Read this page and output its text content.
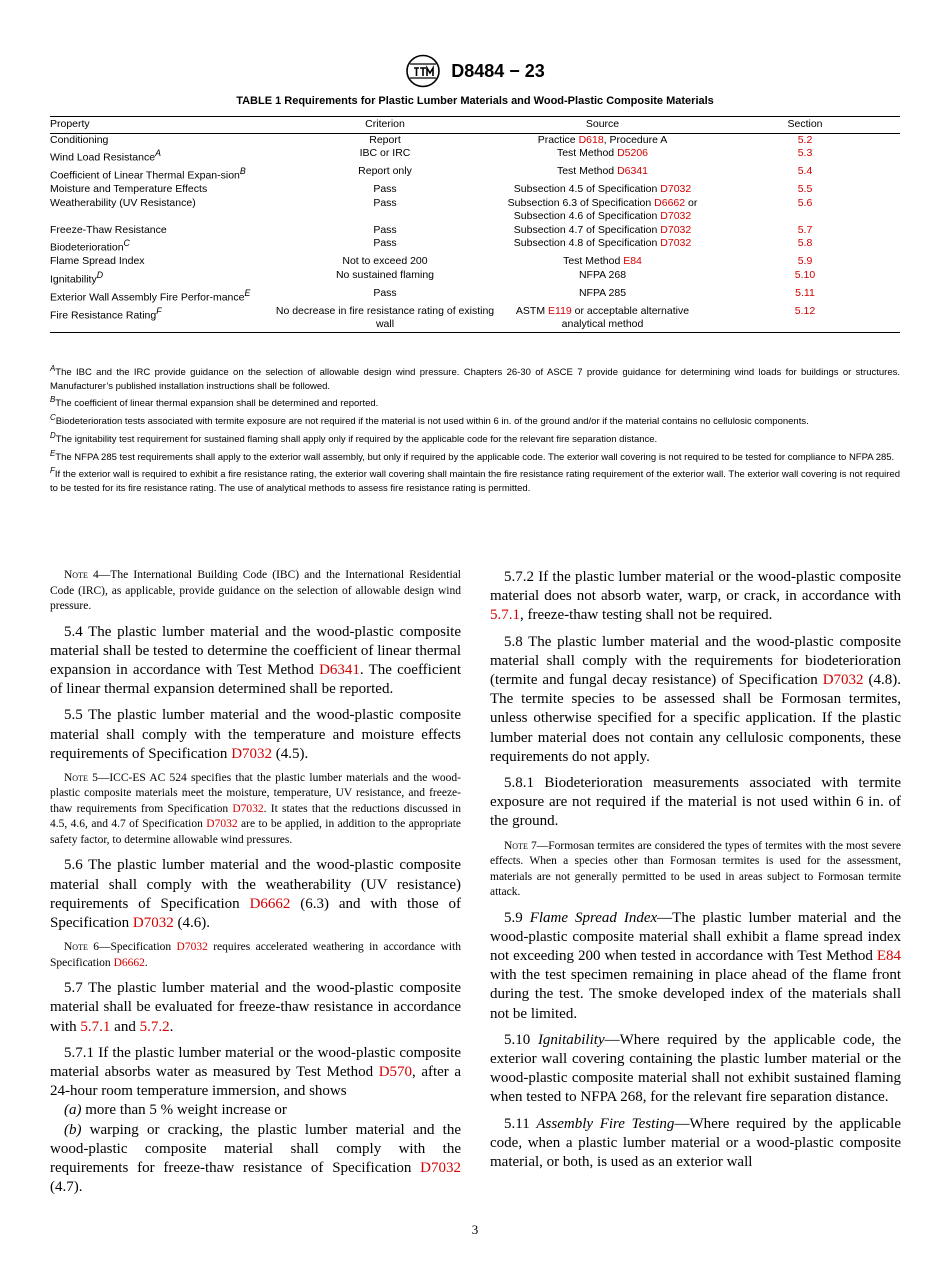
D8484 − 23
TABLE 1 Requirements for Plastic Lumber Materials and Wood-Plastic Composite Materials
Property	Criterion	Source	Section
Conditioning	Report	Practice D618, Procedure A	5.2
Wind Load Resistance$^A$	IBC or IRC	Test Method D5206	5.3
Coefficient of Linear Thermal Expan-sion$^B$	Report only	Test Method D6341	5.4
Moisture and Temperature Effects	Pass	Subsection 4.5 of Specification D7032	5.5
Weatherability (UV Resistance)	Pass	Subsection 6.3 of Specification D6662 or Subsection 4.6 of Specification D7032	5.6
Freeze-Thaw Resistance	Pass	Subsection 4.7 of Specification D7032	5.7
Biodeterioration$^C$	Pass	Subsection 4.8 of Specification D7032	5.8
Flame Spread Index	Not to exceed 200	Test Method E84	5.9
Ignitability$^D$	No sustained flaming	NFPA 268	5.10
Exterior Wall Assembly Fire Perfor-mance$^E$	Pass	NFPA 285	5.11
Fire Resistance Rating$^F$	No decrease in fire resistance rating of existing wall	ASTM E119 or acceptable alternative analytical method	5.12

$^A$The IBC and the IRC provide guidance on the selection of allowable design wind pressure. Chapters 26-30 of ASCE 7 provide guidance for determining wind loads for buildings or structures. Manufacturer’s published installation instructions shall be followed.

$^B$The coefficient of linear thermal expansion shall be determined and reported.

$^C$Biodeterioration tests associated with termite exposure are not required if the material is not used within 6 in. of the ground and/or if the material contains no cellulosic components.

$^D$The ignitability test requirement for sustained flaming shall apply only if required by the applicable code for the relevant fire separation distance.

$^E$The NFPA 285 test requirements shall apply to the exterior wall assembly, but only if required by the applicable code. The exterior wall covering is not required to be tested for compliance to NFPA 285.

$^F$If the exterior wall is required to exhibit a fire resistance rating, the exterior wall covering shall maintain the fire resistance rating requirement of the exterior wall. The exterior wall covering is not required to be tested for its fire resistance rating. The use of analytical methods to assess fire resistance rating is permitted.

Note 4—The International Building Code (IBC) and the International Residential Code (IRC), as applicable, provide guidance on the selection of allowable design wind pressure.

5.4 The plastic lumber material and the wood-plastic composite material shall be tested to determine the coefficient of linear thermal expansion in accordance with Test Method D6341. The coefficient of linear thermal expansion determined shall be reported.

5.5 The plastic lumber material and the wood-plastic composite material shall comply with the temperature and moisture effects requirements of Specification D7032 (4.5).

Note 5—ICC-ES AC 524 specifies that the plastic lumber materials and the wood-plastic composite materials meet the moisture, temperature, UV resistance, and freeze-thaw requirements from Specification D7032. It states that the reductions discussed in 4.5, 4.6, and 4.7 of Specification D7032 are to be applied, in addition to the appropriate safety factor, to determine allowable wind pressures.

5.6 The plastic lumber material and the wood-plastic composite material shall comply with the weatherability (UV resistance) requirements of Specification D6662 (6.3) and with those of Specification D7032 (4.6).

Note 6—Specification D7032 requires accelerated weathering in accordance with Specification D6662.

5.7 The plastic lumber material and the wood-plastic composite material shall be evaluated for freeze-thaw resistance in accordance with 5.7.1 and 5.7.2.

5.7.1 If the plastic lumber material or the wood-plastic composite material absorbs water as measured by Test Method D570, after a 24-hour room temperature immersion, and shows

(a) more than 5 % weight increase or

(b) warping or cracking, the plastic lumber material and the wood-plastic composite material shall comply with the requirements for freeze-thaw resistance of Specification D7032 (4.7).

5.7.2 If the plastic lumber material or the wood-plastic composite material does not absorb water, warp, or crack, in accordance with 5.7.1, freeze-thaw testing shall not be required.

5.8 The plastic lumber material and the wood-plastic composite material shall comply with the requirements for biodeterioration (termite and fungal decay resistance) of Specification D7032 (4.8). The termite species to be assessed shall be Formosan termites, unless otherwise specified for a specific application. If the plastic lumber material does not contain any cellulosic components, these requirements do not apply.

5.8.1 Biodeterioration measurements associated with termite exposure are not required if the material is not used within 6 in. of the ground.

Note 7—Formosan termites are considered the types of termites with the most severe effects. When a species other than Formosan termites is used for the assessment, materials are not generally permitted to be used in areas subject to Formosan termite attack.

5.9 Flame Spread Index—The plastic lumber material and the wood-plastic composite material shall exhibit a flame spread index not exceeding 200 when tested in accordance with Test Method E84 with the test specimen remaining in place ahead of the flame front during the test. The smoke developed index of the materials shall not be limited.

5.10 Ignitability—Where required by the applicable code, the exterior wall covering containing the plastic lumber material or the wood-plastic composite material shall not exhibit sustained flaming when tested to NFPA 268, for the relevant fire separation distance.

5.11 Assembly Fire Testing—Where required by the applicable code, when a plastic lumber material or a wood-plastic composite material, or both, is used as an exterior wall

3
